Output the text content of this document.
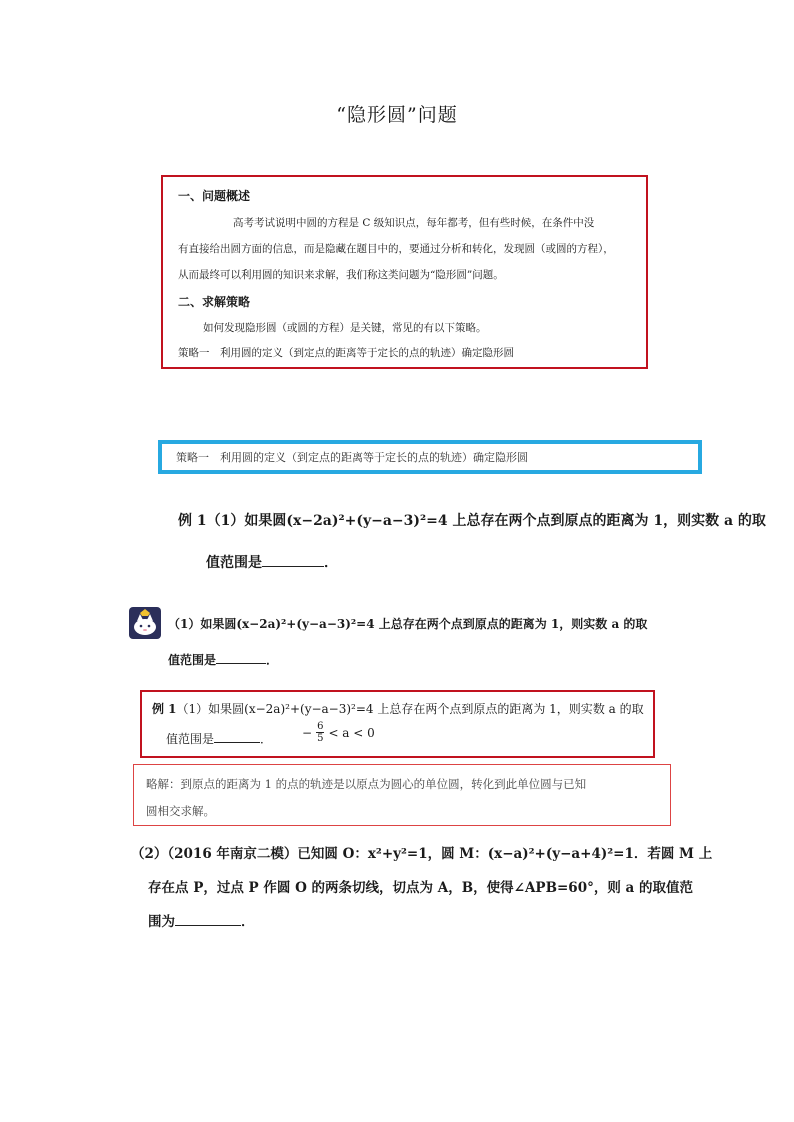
“隐形圆”问题
一、问题概述
高考考试说明中圆的方程是 C 级知识点，每年都考，但有些时候，在条件中没
有直接给出圆方面的信息，而是隐藏在题目中的，要通过分析和转化，发现圆（或圆的方程），
从而最终可以利用圆的知识来求解，我们称这类问题为“隐形圆”问题。
二、求解策略
如何发现隐形圆（或圆的方程）是关键，常见的有以下策略。
策略一　利用圆的定义（到定点的距离等于定长的点的轨迹）确定隐形圆
策略一　利用圆的定义（到定点的距离等于定长的点的轨迹）确定隐形圆
例 1（1）如果圆(x−2a)²+(y−a−3)²=4 上总存在两个点到原点的距离为 1，则实数 a 的取
值范围是	．
（1）如果圆(x−2a)²+(y−a−3)²=4 上总存在两个点到原点的距离为 1，则实数 a 的取
值范围是	．
例 1（1）如果圆(x−2a)²+(y−a−3)²=4 上总存在两个点到原点的距离为 1，则实数 a 的取
值范围是	． − $\frac{6}{5} < a < 0$
略解：到原点的距离为 1 的点的轨迹是以原点为圆心的单位圆，转化到此单位圆与已知
圆相交求解。
（2）（2016 年南京二模）已知圆 O：x²+y²=1，圆 M：(x−a)²+(y−a+4)²=1．若圆 M 上
存在点 P，过点 P 作圆 O 的两条切线，切点为 A，B，使得∠APB=60°，则 a 的取值范
围为	．
